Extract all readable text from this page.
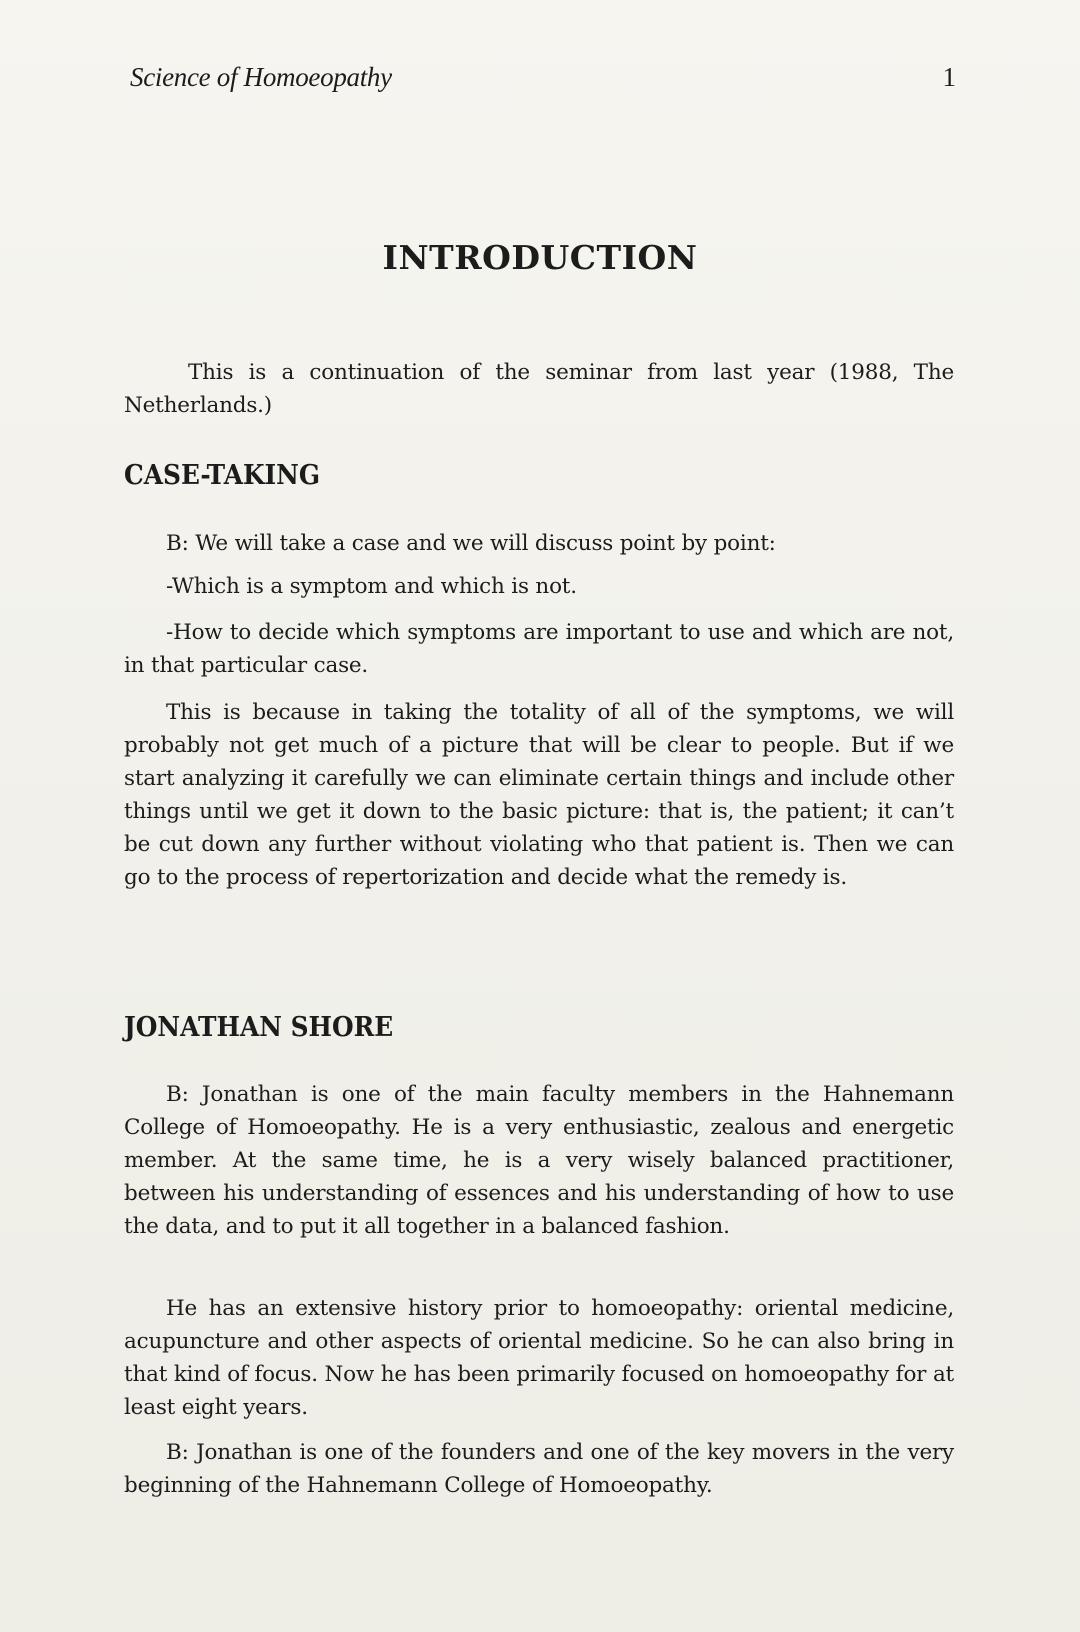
Science of Homoeopathy	1
INTRODUCTION
This is a continuation of the seminar from last year (1988, The Netherlands.)
CASE-TAKING
B: We will take a case and we will discuss point by point:
-Which is a symptom and which is not.
-How to decide which symptoms are important to use and which are not, in that particular case.
This is because in taking the totality of all of the symptoms, we will probably not get much of a picture that will be clear to people. But if we start analyzing it carefully we can eliminate certain things and include other things until we get it down to the basic picture: that is, the patient; it can’t be cut down any further without violating who that patient is. Then we can go to the process of repertorization and decide what the remedy is.
JONATHAN SHORE
B: Jonathan is one of the main faculty members in the Hahnemann College of Homoeopathy. He is a very enthusiastic, zealous and energetic member. At the same time, he is a very wisely balanced practitioner, between his understanding of essences and his understanding of how to use the data, and to put it all together in a balanced fashion.
He has an extensive history prior to homoeopathy: oriental medicine, acupuncture and other aspects of oriental medicine. So he can also bring in that kind of focus. Now he has been primarily focused on homoeopathy for at least eight years.
B: Jonathan is one of the founders and one of the key movers in the very beginning of the Hahnemann College of Homoeopathy.
